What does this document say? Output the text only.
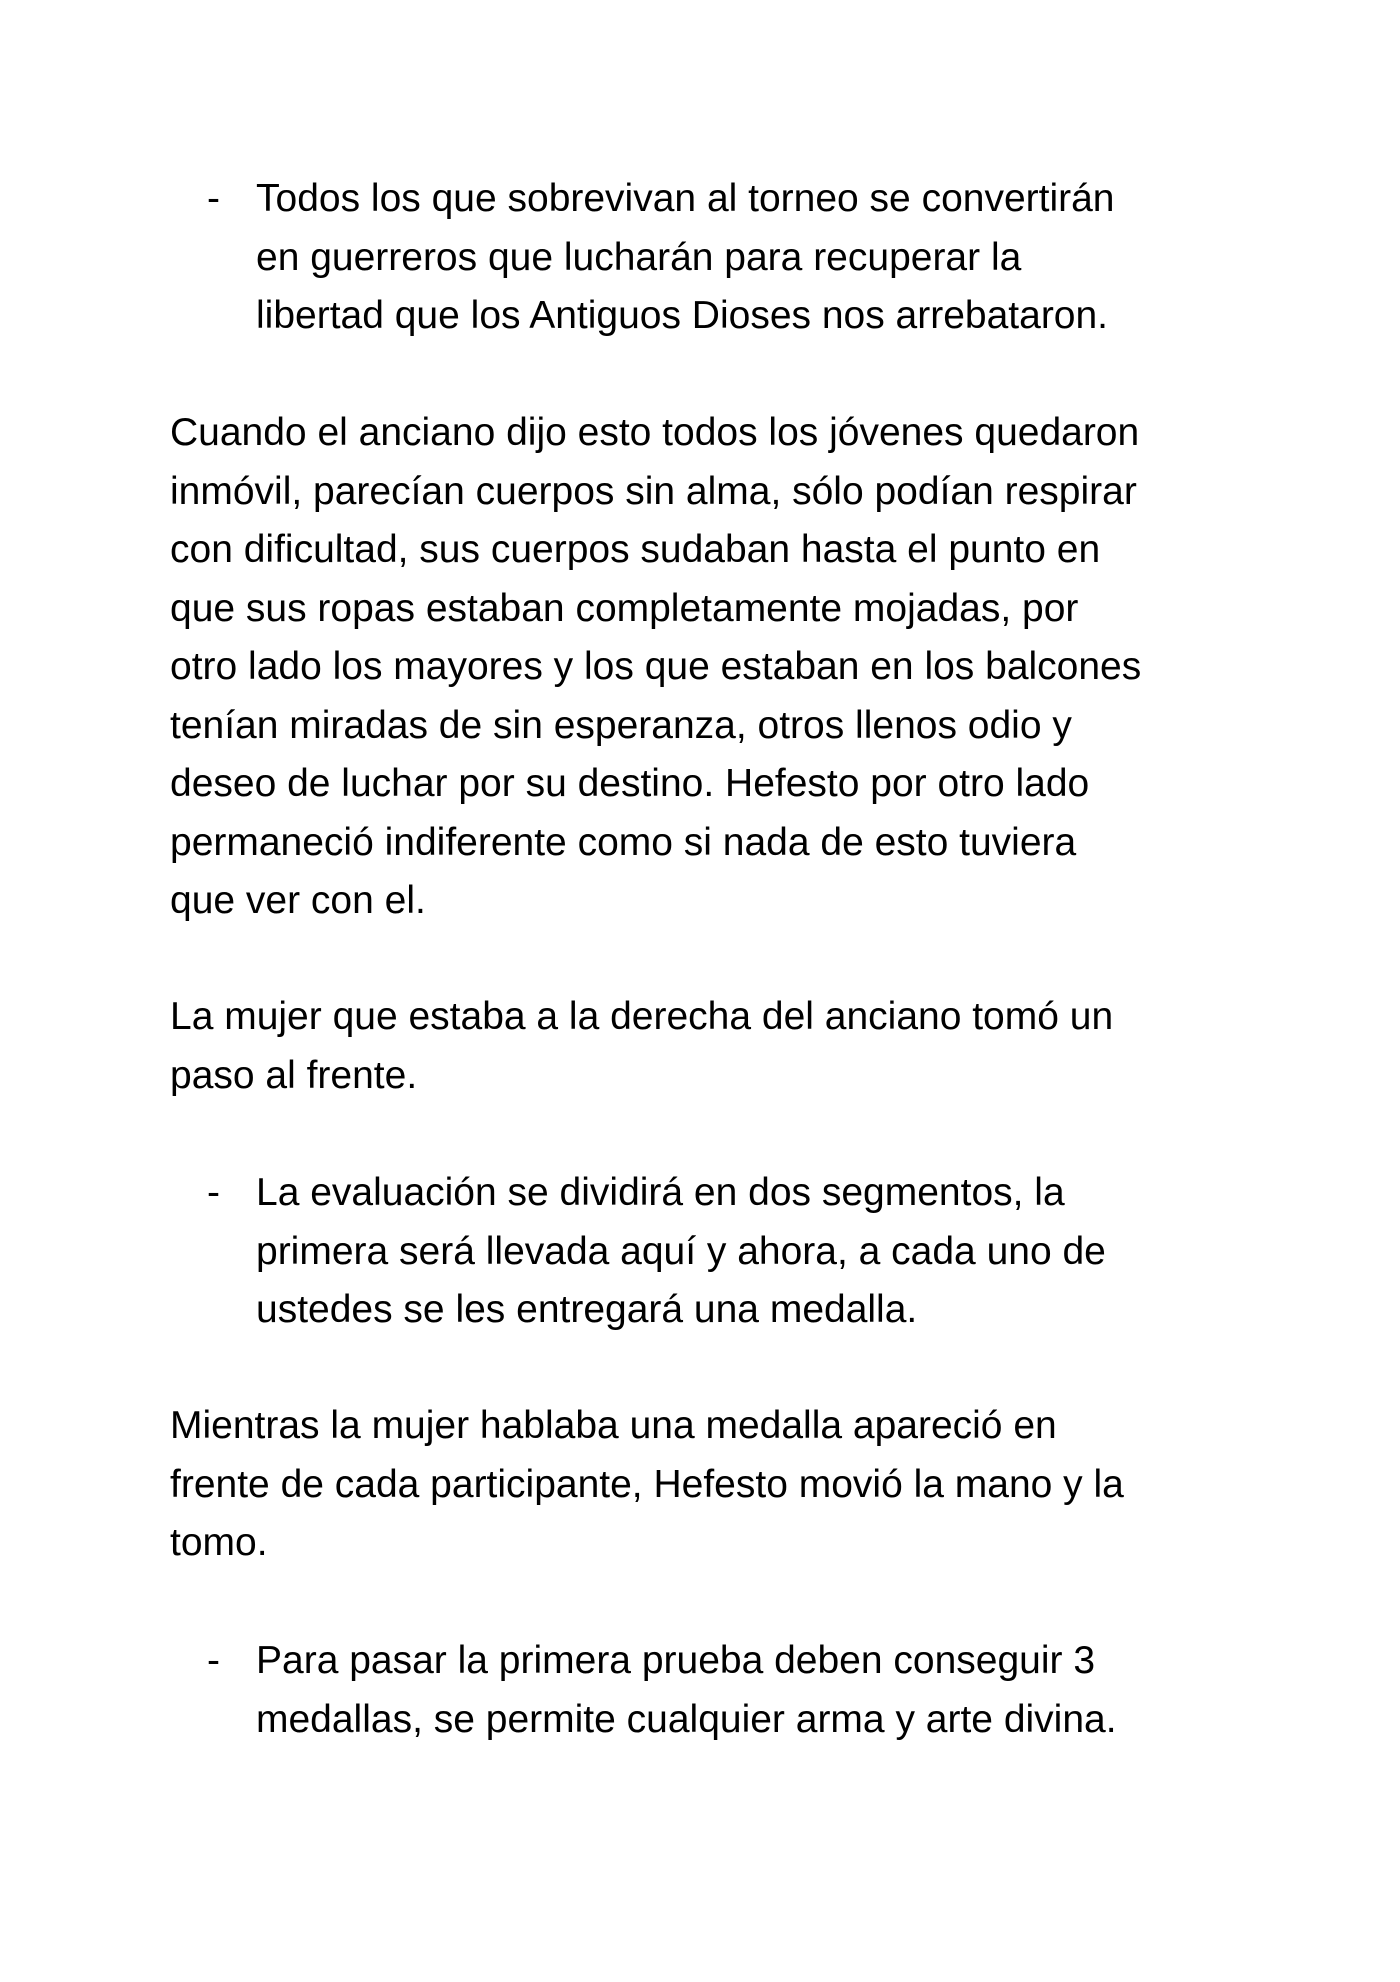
- Todos los que sobrevivan al torneo se convertirán
en guerreros que lucharán para recuperar la
libertad que los Antiguos Dioses nos arrebataron.
Cuando el anciano dijo esto todos los jóvenes quedaron
inmóvil, parecían cuerpos sin alma, sólo podían respirar
con dificultad, sus cuerpos sudaban hasta el punto en
que sus ropas estaban completamente mojadas, por
otro lado los mayores y los que estaban en los balcones
tenían miradas de sin esperanza, otros llenos odio y
deseo de luchar por su destino. Hefesto por otro lado
permaneció indiferente como si nada de esto tuviera
que ver con el.
La mujer que estaba a la derecha del anciano tomó un
paso al frente.
- La evaluación se dividirá en dos segmentos, la
primera será llevada aquí y ahora, a cada uno de
ustedes se les entregará una medalla.
Mientras la mujer hablaba una medalla apareció en
frente de cada participante, Hefesto movió la mano y la
tomo.
- Para pasar la primera prueba deben conseguir 3
medallas, se permite cualquier arma y arte divina.
